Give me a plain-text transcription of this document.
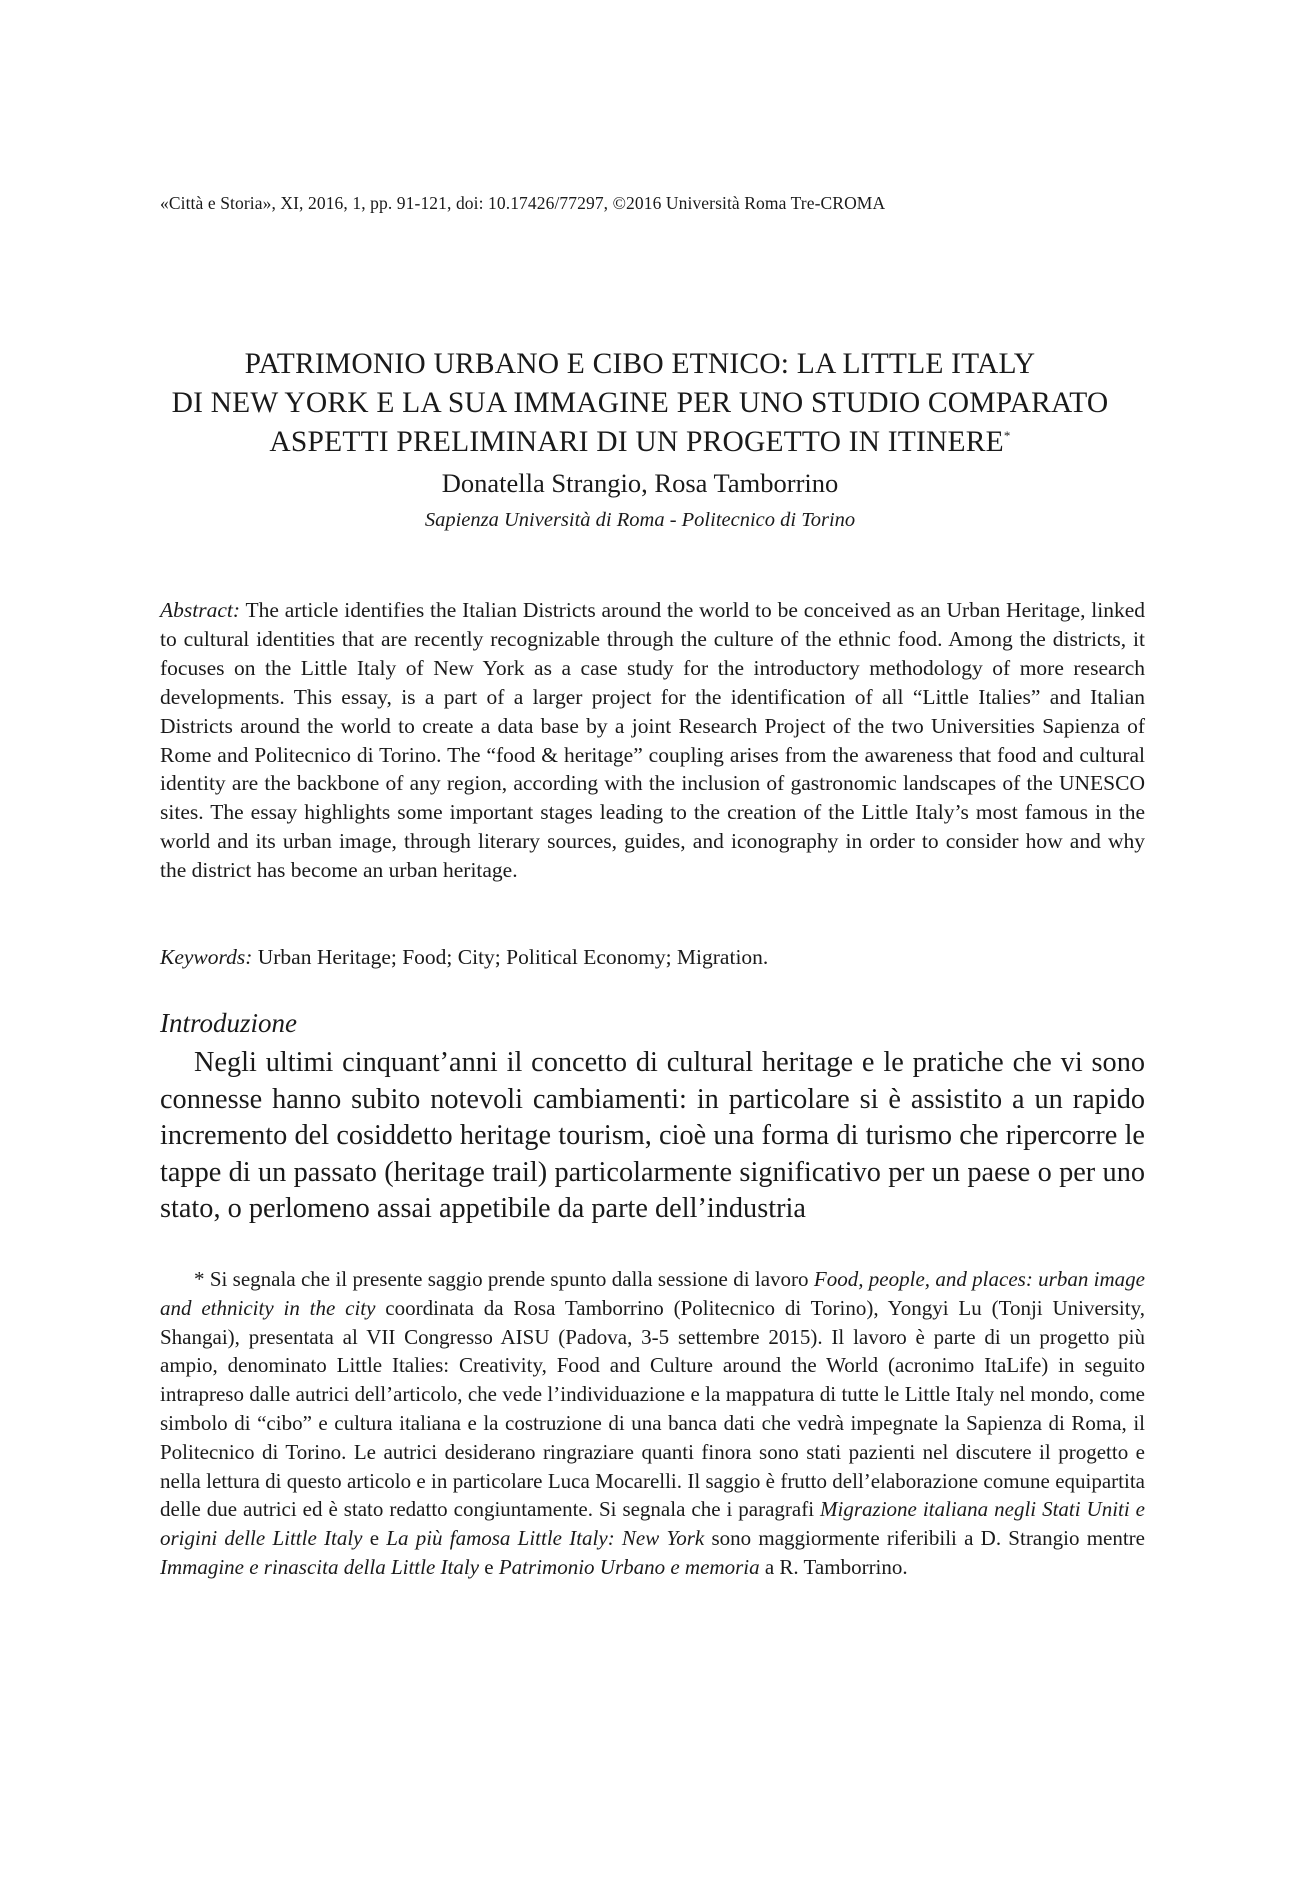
«Città e Storia», XI, 2016, 1, pp. 91-121, doi: 10.17426/77297, ©2016 Università Roma Tre-CROMA
PATRIMONIO URBANO E CIBO ETNICO: LA LITTLE ITALY
DI NEW YORK E LA SUA IMMAGINE PER UNO STUDIO COMPARATO
ASPETTI PRELIMINARI DI UN PROGETTO IN ITINERE*
Donatella Strangio, Rosa Tamborrino
Sapienza Università di Roma - Politecnico di Torino
Abstract: The article identifies the Italian Districts around the world to be conceived as an Urban Heritage, linked to cultural identities that are recently recognizable through the culture of the ethnic food. Among the districts, it focuses on the Little Italy of New York as a case study for the introductory methodology of more research developments. This essay, is a part of a larger project for the identification of all “Little Italies” and Italian Districts around the world to create a data base by a joint Research Project of the two Universities Sapienza of Rome and Politecnico di Torino. The “food & heritage” coupling arises from the awareness that food and cultural identity are the backbone of any region, according with the inclusion of gastronomic landscapes of the UNESCO sites. The essay highlights some important stages leading to the creation of the Little Italy’s most famous in the world and its urban image, through literary sources, guides, and iconography in order to consider how and why the district has become an urban heritage.
Keywords: Urban Heritage; Food; City; Political Economy; Migration.
Introduzione
Negli ultimi cinquant’anni il concetto di cultural heritage e le pratiche che vi sono connesse hanno subito notevoli cambiamenti: in particolare si è assistito a un rapido incremento del cosiddetto heritage tourism, cioè una forma di turismo che ripercorre le tappe di un passato (heritage trail) particolarmente significativo per un paese o per uno stato, o perlomeno assai appetibile da parte dell’industria
* Si segnala che il presente saggio prende spunto dalla sessione di lavoro Food, people, and places: urban image and ethnicity in the city coordinata da Rosa Tamborrino (Politecnico di Torino), Yongyi Lu (Tonji University, Shangai), presentata al VII Congresso AISU (Padova, 3-5 settembre 2015). Il lavoro è parte di un progetto più ampio, denominato Little Italies: Creativity, Food and Culture around the World (acronimo ItaLife) in seguito intrapreso dalle autrici dell’articolo, che vede l’individuazione e la mappatura di tutte le Little Italy nel mondo, come simbolo di “cibo” e cultura italiana e la costruzione di una banca dati che vedrà impegnate la Sapienza di Roma, il Politecnico di Torino. Le autrici desiderano ringraziare quanti finora sono stati pazienti nel discutere il progetto e nella lettura di questo articolo e in particolare Luca Mocarelli. Il saggio è frutto dell’elaborazione comune equipartita delle due autrici ed è stato redatto congiuntamente. Si segnala che i paragrafi Migrazione italiana negli Stati Uniti e origini delle Little Italy e La più famosa Little Italy: New York sono maggiormente riferibili a D. Strangio mentre Immagine e rinascita della Little Italy e Patrimonio Urbano e memoria a R. Tamborrino.
